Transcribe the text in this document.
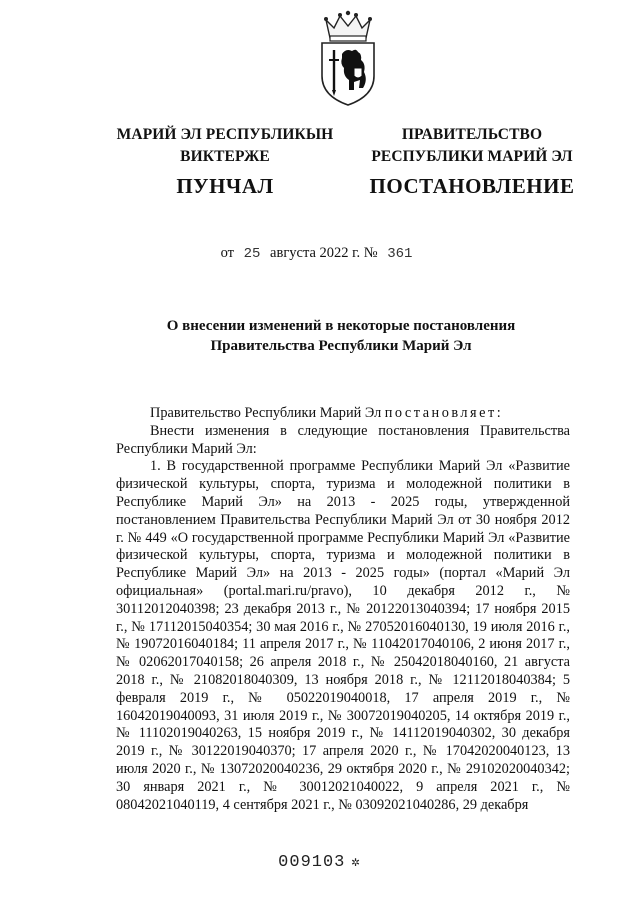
МАРИЙ ЭЛ РЕСПУБЛИКЫН
ВИКТЕРЖЕ
ПУНЧАЛ
ПРАВИТЕЛЬСТВО
РЕСПУБЛИКИ МАРИЙ ЭЛ
ПОСТАНОВЛЕНИЕ
от 25 августа 2022 г. № 361
О внесении изменений в некоторые постановления
Правительства Республики Марий Эл

Правительство Республики Марий Эл постановляет:

Внести изменения в следующие постановления Правительства Республики Марий Эл:

1. В государственной программе Республики Марий Эл «Развитие физической культуры, спорта, туризма и молодежной политики в Республике Марий Эл» на 2013 - 2025 годы, утвержденной постановлением Правительства Республики Марий Эл от 30 ноября 2012 г. № 449 «О государственной программе Республики Марий Эл «Развитие физической культуры, спорта, туризма и молодежной политики в Республике Марий Эл» на 2013 - 2025 годы» (портал «Марий Эл официальная» (portal.mari.ru/pravo), 10 декабря 2012 г., № 30112012040398; 23 декабря 2013 г., № 20122013040394; 17 ноября 2015 г., № 17112015040354; 30 мая 2016 г., № 27052016040130, 19 июля 2016 г., № 19072016040184; 11 апреля 2017 г., № 11042017040106, 2 июня 2017 г., № 02062017040158; 26 апреля 2018 г., № 25042018040160, 21 августа 2018 г., № 21082018040309, 13 ноября 2018 г., № 12112018040384; 5 февраля 2019 г., № 05022019040018, 17 апреля 2019 г., № 16042019040093, 31 июля 2019 г., № 30072019040205, 14 октября 2019 г., № 11102019040263, 15 ноября 2019 г., № 14112019040302, 30 декабря 2019 г., № 30122019040370; 17 апреля 2020 г., № 17042020040123, 13 июля 2020 г., № 13072020040236, 29 октября 2020 г., № 29102020040342; 30 января 2021 г., № 30012021040022, 9 апреля 2021 г., № 08042021040119, 4 сентября 2021 г., № 03092021040286, 29 декабря

009103 ✲
